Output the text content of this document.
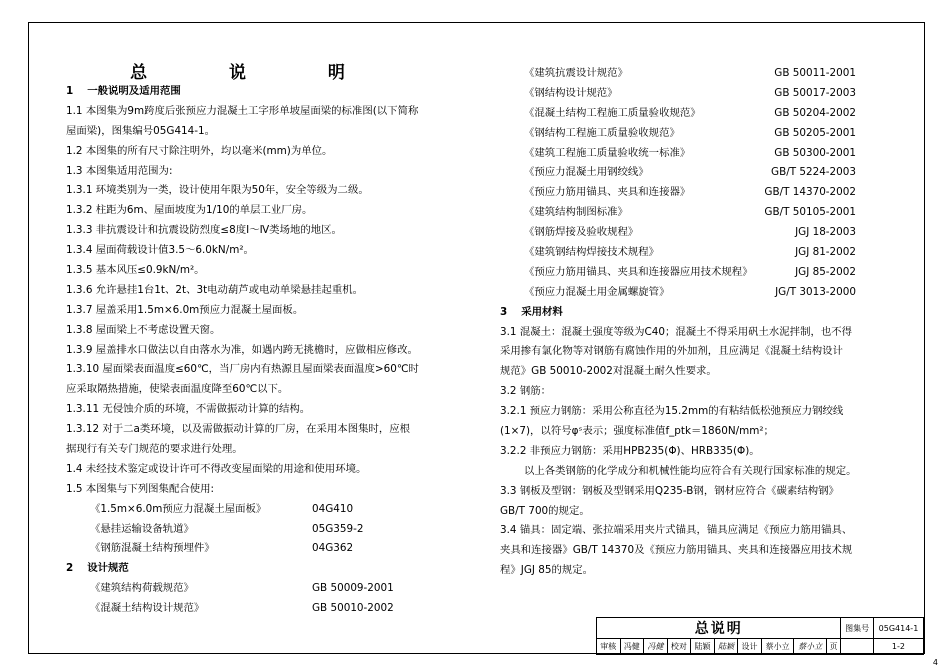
总 说 明
1　 一般说明及适用范围
1.1 本图集为9m跨度后张预应力混凝土工字形单坡屋面梁的标准图(以下简称
屋面梁)，图集编号05G414-1。
1.2 本图集的所有尺寸除注明外，均以毫米(mm)为单位。
1.3 本图集适用范围为:
1.3.1 环境类别为一类，设计使用年限为50年，安全等级为二级。
1.3.2 柱距为6m、屋面坡度为1/10的单层工业厂房。
1.3.3 非抗震设计和抗震设防烈度≤8度Ⅰ～Ⅳ类场地的地区。
1.3.4 屋面荷载设计值3.5～6.0kN/m²。
1.3.5 基本风压≤0.9kN/m²。
1.3.6 允许悬挂1台1t、2t、3t电动葫芦或电动单梁悬挂起重机。
1.3.7 屋盖采用1.5m×6.0m预应力混凝土屋面板。
1.3.8 屋面梁上不考虑设置天窗。
1.3.9 屋盖排水口做法以自由落水为准，如遇内跨无挑檐时，应做相应修改。
1.3.10 屋面梁表面温度≤60℃，当厂房内有热源且屋面梁表面温度>60℃时
应采取隔热措施，使梁表面温度降至60℃以下。
1.3.11 无侵蚀介质的环境，不需做振动计算的结构。
1.3.12 对于二a类环境，以及需做振动计算的厂房，在采用本图集时，应根
据现行有关专门规范的要求进行处理。
1.4 未经技术鉴定或设计许可不得改变屋面梁的用途和使用环境。
1.5 本图集与下列图集配合使用:
《1.5m×6.0m预应力混凝土屋面板》	04G410
《悬挂运输设备轨道》	05G359-2
《钢筋混凝土结构预埋件》	04G362
2　 设计规范
《建筑结构荷载规范》	GB 50009-2001
《混凝土结构设计规范》	GB 50010-2002
《建筑抗震设计规范》	GB 50011-2001
《钢结构设计规范》	GB 50017-2003
《混凝土结构工程施工质量验收规范》	GB 50204-2002
《钢结构工程施工质量验收规范》	GB 50205-2001
《建筑工程施工质量验收统一标准》	GB 50300-2001
《预应力混凝土用钢绞线》	GB/T 5224-2003
《预应力筋用锚具、夹具和连接器》	GB/T 14370-2002
《建筑结构制图标准》	GB/T 50105-2001
《钢筋焊接及验收规程》	JGJ 18-2003
《建筑钢结构焊接技术规程》	JGJ 81-2002
《预应力筋用锚具、夹具和连接器应用技术规程》	JGJ 85-2002
《预应力混凝土用金属螺旋管》	JG/T 3013-2000
3　 采用材料
3.1 混凝土：混凝土强度等级为C40；混凝土不得采用矾土水泥拌制，也不得
采用掺有氯化物等对钢筋有腐蚀作用的外加剂，且应满足《混凝土结构设计
规范》GB 50010-2002对混凝土耐久性要求。
3.2 钢筋：
3.2.1 预应力钢筋：采用公称直径为15.2mm的有粘结低松弛预应力钢绞线
(1×7)，以符号φˢ表示；强度标准值f_ptk＝1860N/mm²；
3.2.2 非预应力钢筋：采用HPB235(Φ)、HRB335(Φ)。
以上各类钢筋的化学成分和机械性能均应符合有关现行国家标准的规定。
3.3 钢板及型钢：钢板及型钢采用Q235-B钢，钢材应符合《碳素结构钢》
GB/T 700的规定。
3.4 锚具：固定端、张拉端采用夹片式锚具，锚具应满足《预应力筋用锚具、
夹具和连接器》GB/T 14370及《预应力筋用锚具、夹具和连接器应用技术规
程》JGJ 85的规定。
总说明										图集号	05G414-1
审核	冯健	冯健	校对	陆颖	陆颖	设计	蔡小立	蔡小立	页		1-2
4
